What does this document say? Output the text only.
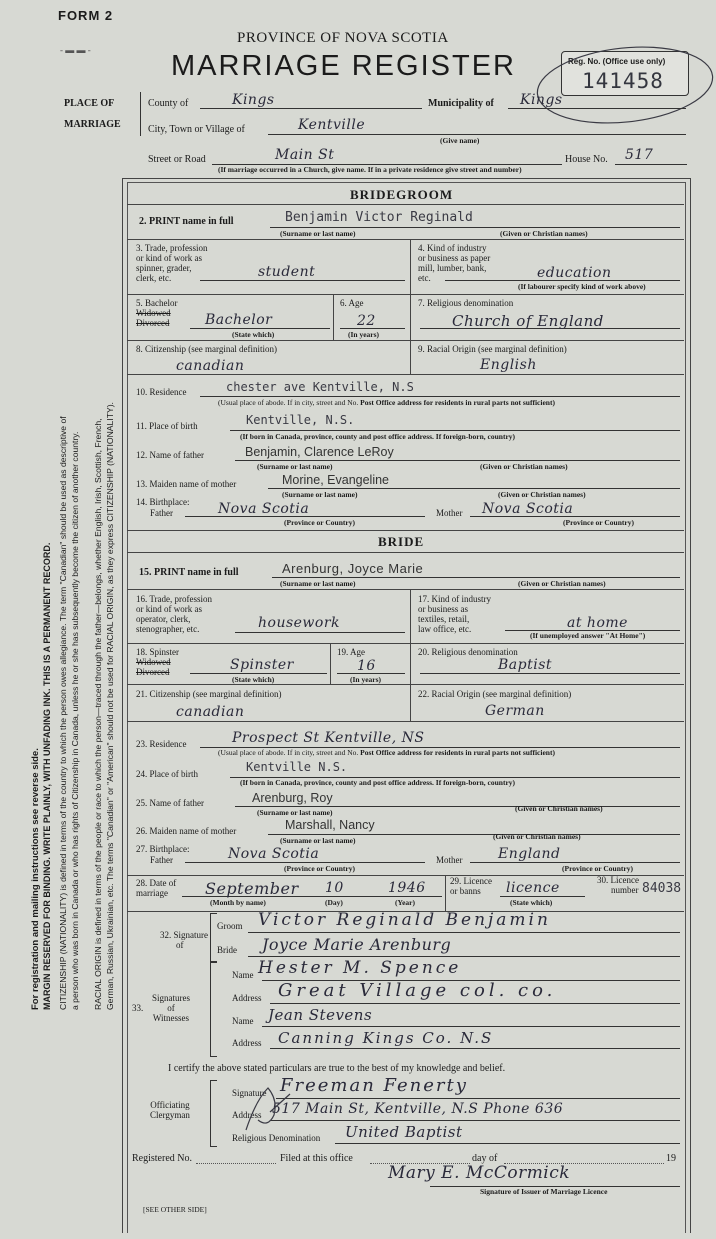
For registration and mailing instructions see reverse side. MARGIN RESERVED FOR BINDING. WRITE PLAINLY, WITH UNFADING INK. THIS IS A PERMANENT RECORD. CITIZENSHIP (NATIONALITY) is defined in terms of the country to which the person owes allegiance. The term "Canadian" should be used as descriptive of a person who was born in Canada or who has rights of Citizenship in Canada, unless he or she has subsequently become the citizen of another country. RACIAL ORIGIN is defined in terms of the people or race to which the person—traced through the father—belongs, whether English, Irish, Scottish, French, German, Russian, Ukrainian, etc. The terms "Canadian" or "American" should not be used for RACIAL ORIGIN, as they express CITIZENSHIP (NATIONALITY).
- ▬ ▬ -
FORM 2
PROVINCE OF NOVA SCOTIA
MARRIAGE REGISTER	Reg. No. (Office use only)
141458
PLACE OF
MARRIAGE
County of	Kings	Municipality of Kings
City, Town or Village of	Kentville
(Give name)
Street or Road	Main St	House No. 517
(If marriage occurred in a Church, give name. If in a private residence give street and number)
BRIDEGROOM
2. PRINT name in full	Benjamin Victor Reginald
(Surname or last name)	(Given or Christian names)
3. Trade, profession
or kind of work as
spinner, grader,
clerk, etc.	student
4. Kind of industry
or business as paper
mill, lumber, bank,
etc.	education
(If labourer specify kind of work above)
5. Bachelor
Widowed
Divorced	Bachelor
(State which)
6. Age
22
(In years)
7. Religious denomination
Church of England
8. Citizenship (see marginal definition)
canadian
9. Racial Origin (see marginal definition)
English
10. Residence	chester ave Kentville, N.S
(Usual place of abode. If in city, street and No. Post Office address for residents in rural parts not sufficient)
11. Place of birth	Kentville, N.S.
(If born in Canada, province, county and post office address. If foreign-born, country)
12. Name of father	Benjamin, Clarence LeRoy
(Surname or last name)	(Given or Christian names)
13. Maiden name of mother	Morine, Evangeline
(Surname or last name)	(Given or Christian names)
14. Birthplace:
Father	Nova Scotia
(Province or Country)
Mother Nova Scotia
(Province or Country)
BRIDE
15. PRINT name in full	Arenburg, Joyce Marie
(Surname or last name)	(Given or Christian names)
16. Trade, profession
or kind of work as
operator, clerk,
stenographer, etc.	housework
17. Kind of industry
or business as
textiles, retail,
law office, etc.	at home
(If unemployed answer "At Home")
18. Spinster
Widowed
Divorced	Spinster
(State which)
19. Age
16
(In years)
20. Religious denomination
Baptist
21. Citizenship (see marginal definition)
canadian
22. Racial Origin (see marginal definition)
German
23. Residence	Prospect St Kentville, NS
(Usual place of abode. If in city, street and No. Post Office address for residents in rural parts not sufficient)
24. Place of birth	Kentville N.S.
(If born in Canada, province, county and post office address. If foreign-born, country)
25. Name of father	Arenburg, Roy
(Surname or last name)	(Given or Christian names)
26. Maiden name of mother	Marshall, Nancy
(Surname or last name)	(Given or Christian names)
27. Birthplace:
Father	Nova Scotia
(Province or Country)
Mother	England
(Province or Country)
28. Date of
marriage	September 10	1946
(Month by name)	(Day)	(Year)
29. Licence
or banns	licence
(State which)
30. Licence
number 84038
32. Signature
of
Groom Victor Reginald Benjamin
Bride Joyce Marie Arenburg
33.
Signatures
of
Witnesses
Name Hester M. Spence
Address Great Village col. co.
Name Jean Stevens
Address Canning Kings Co. N.S
I certify the above stated particulars are true to the best of my knowledge and belief.
Officiating
Clergyman
Signature Freeman Fenerty
Address 517 Main St, Kentville, N.S Phone 636
Religious Denomination United Baptist
Registered No.	Filed at this office	day of	19
Mary E. McCormick
Signature of Issuer of Marriage Licence
[SEE OTHER SIDE]
